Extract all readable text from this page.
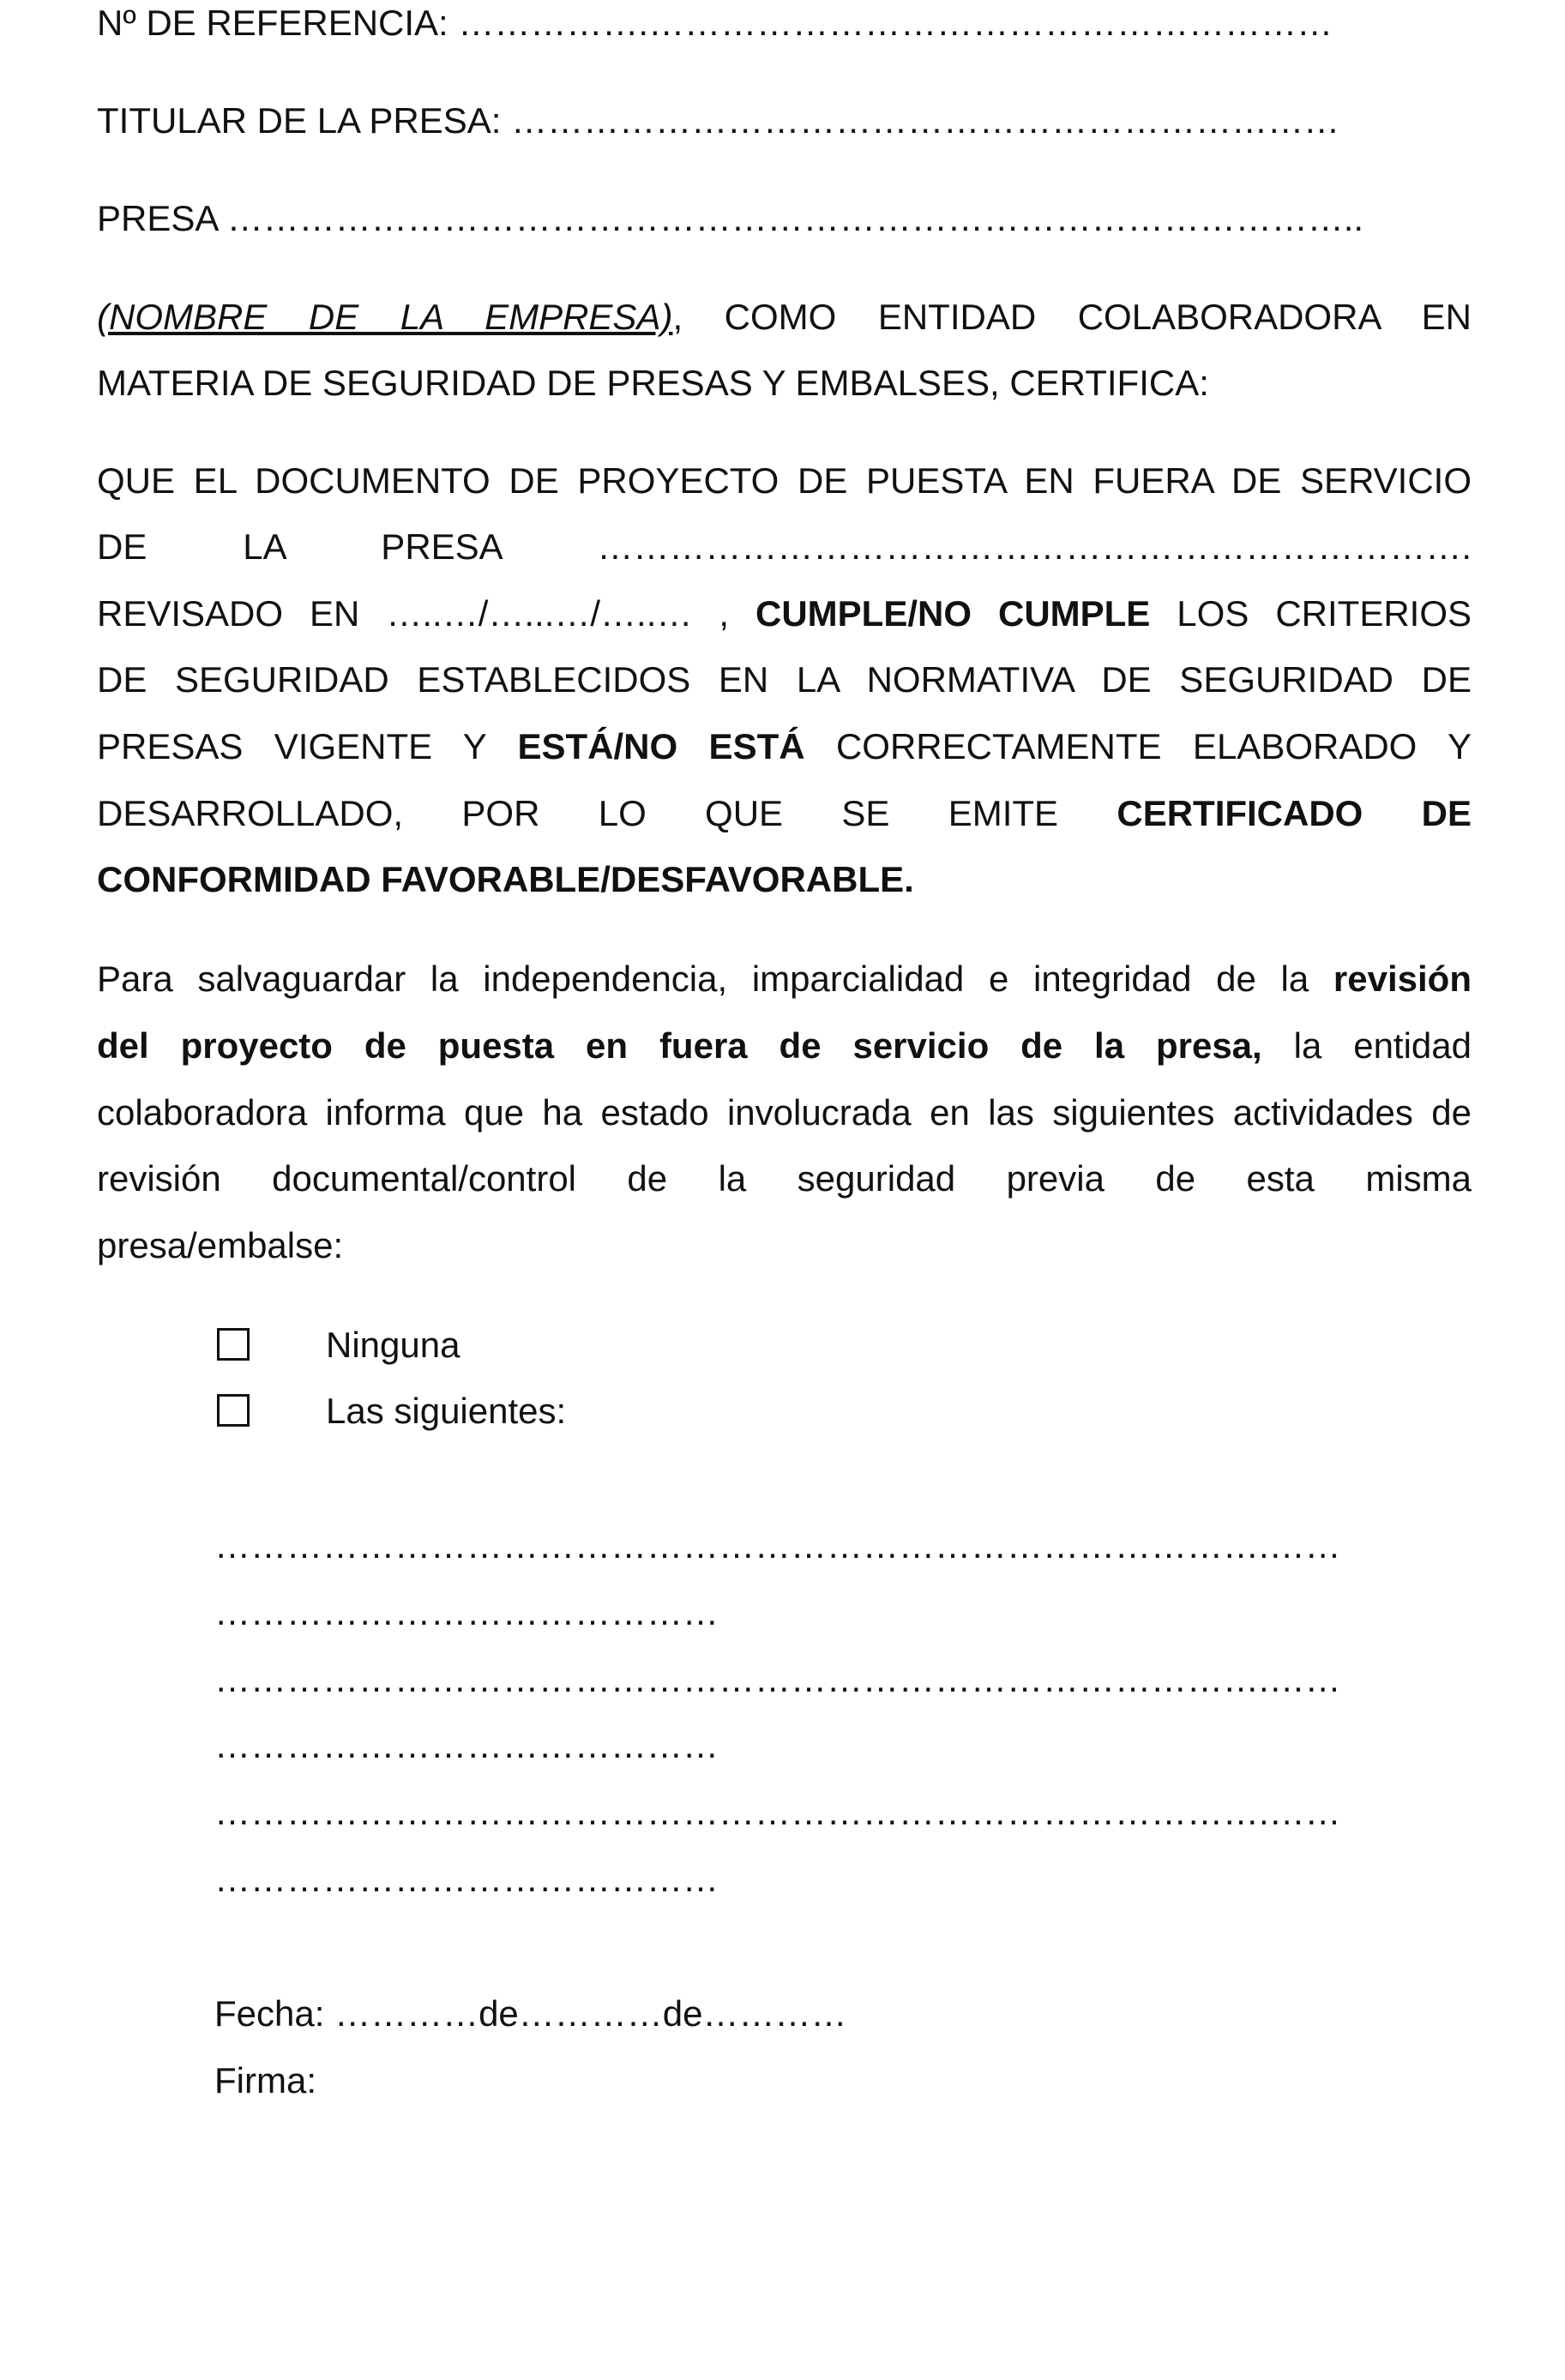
Nº DE REFERENCIA: …………….…………………………………………………
TITULAR DE LA PRESA: ……………………………………………………………
PRESA …………………………………………………………………………………..
(NOMBRE DE LA EMPRESA), COMO ENTIDAD COLABORADORA EN
MATERIA DE SEGURIDAD DE PRESAS Y EMBALSES, CERTIFICA:
QUE EL DOCUMENTO DE PROYECTO DE PUESTA EN FUERA DE SERVICIO
DE LA PRESA ……………………………………………………………….
REVISADO EN …..…/…...…/…..… , CUMPLE/NO CUMPLE LOS CRITERIOS
DE SEGURIDAD ESTABLECIDOS EN LA NORMATIVA DE SEGURIDAD DE
PRESAS VIGENTE Y ESTÁ/NO ESTÁ CORRECTAMENTE ELABORADO Y
DESARROLLADO, POR LO QUE SE EMITE CERTIFICADO DE
CONFORMIDAD FAVORABLE/DESFAVORABLE.
Para salvaguardar la independencia, imparcialidad e integridad de la revisión
del proyecto de puesta en fuera de servicio de la presa, la entidad
colaboradora informa que ha estado involucrada en las siguientes actividades de
revisión documental/control de la seguridad previa de esta misma
presa/embalse:
Ninguna
Las siguientes:
…………………………………………………………………………….……
……………………………………
…………………………………………………………………………….……
……………………………………
…………………………………………………………………………….……
……………………………………
Fecha: …………de…………de…………
Firma:
